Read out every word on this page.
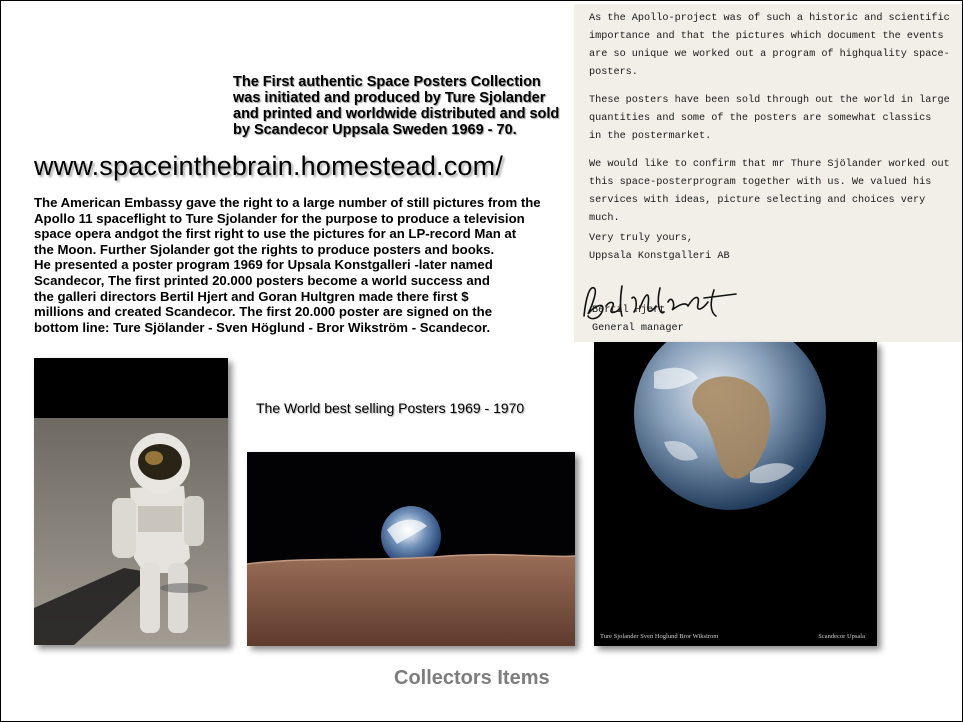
The First authentic Space Posters Collection
was initiated and produced by Ture Sjolander
and printed and worldwide distributed and sold
by Scandecor Uppsala Sweden 1969 - 70.
www.spaceinthebrain.homestead.com/
The American Embassy gave the right to a large number of still pictures from the
Apollo 11 spaceflight to Ture Sjolander for the purpose to produce a television
space opera andgot the first right to use the pictures for an LP-record Man at
the Moon. Further Sjolander got the rights to produce posters and books.
He presented a poster program 1969 for Upsala Konstgalleri -later named
Scandecor, The first printed 20.000 posters become a world success and
the galleri directors Bertil Hjert and Goran Hultgren made there first $
millions and created Scandecor. The first 20.000 poster are signed on the
bottom line: Ture Sjölander - Sven Höglund - Bror Wikström - Scandecor.
As the Apollo-project was of such a historic and scientific
importance and that the pictures which document the events
are so unique we worked out a program of highquality space-
posters.
These posters have been sold through out the world in large
quantities and some of the posters are somewhat classics
in the postermarket.
We would like to confirm that mr Thure Sjölander worked out
this space-posterprogram together with us. We valued his
services with ideas, picture selecting and choices very
much.
Very truly yours,
Uppsala Konstgalleri AB
Bertil Hjert
General manager
The World best selling Posters 1969 - 1970
Ture Sjolander Sven Hoglund Bror Wikstrom	Scandecor Upsala
Collectors Items
